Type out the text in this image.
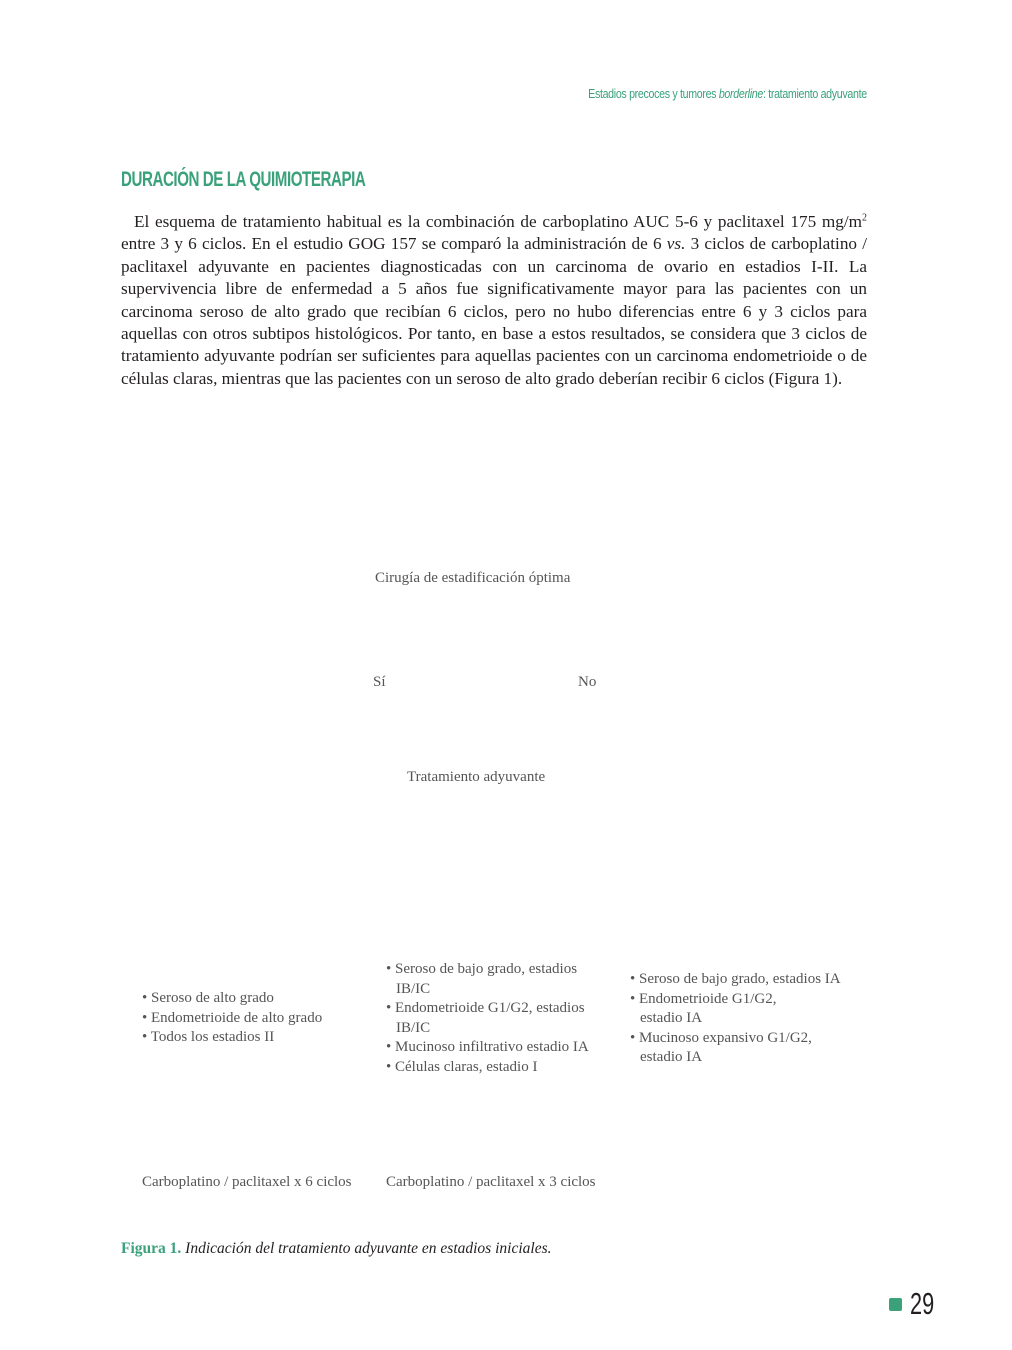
Estadios precoces y tumores borderline: tratamiento adyuvante
DURACIÓN DE LA QUIMIOTERAPIA

El esquema de tratamiento habitual es la combinación de carboplatino AUC 5-6 y paclitaxel 175 $mg/m^2$ entre 3 y 6 ciclos. En el estudio GOG 157 se comparó la administración de 6 vs. 3 ciclos de carboplatino / paclitaxel adyuvante en pacientes diagnosticadas con un carcinoma de ovario en estadios I-II. La supervivencia libre de enfermedad a 5 años fue significativamente mayor para las pacientes con un carcinoma seroso de alto grado que recibían 6 ciclos, pero no hubo diferencias entre 6 y 3 ciclos para aquellas con otros subtipos histológicos. Por tanto, en base a estos resultados, se considera que 3 ciclos de tratamiento adyuvante podrían ser suficientes para aquellas pacientes con un carcinoma endometrioide o de células claras, mientras que las pacientes con un seroso de alto grado deberían recibir 6 ciclos (Figura 1).

Cirugía de estadificación óptima
Sí	No
Tratamiento adyuvante
• Seroso de alto grado
• Endometrioide de alto grado
• Todos los estadios II
• Seroso de bajo grado, estadios IB/IC
• Endometrioide G1/G2, estadios IB/IC
• Mucinoso infiltrativo estadio IA
• Células claras, estadio I
• Seroso de bajo grado, estadios IA
• Endometrioide G1/G2, estadio IA
• Mucinoso expansivo G1/G2, estadio IA
Carboplatino / paclitaxel x 6 ciclos Carboplatino / paclitaxel x 3 ciclos
Figura 1. Indicación del tratamiento adyuvante en estadios iniciales.
29
